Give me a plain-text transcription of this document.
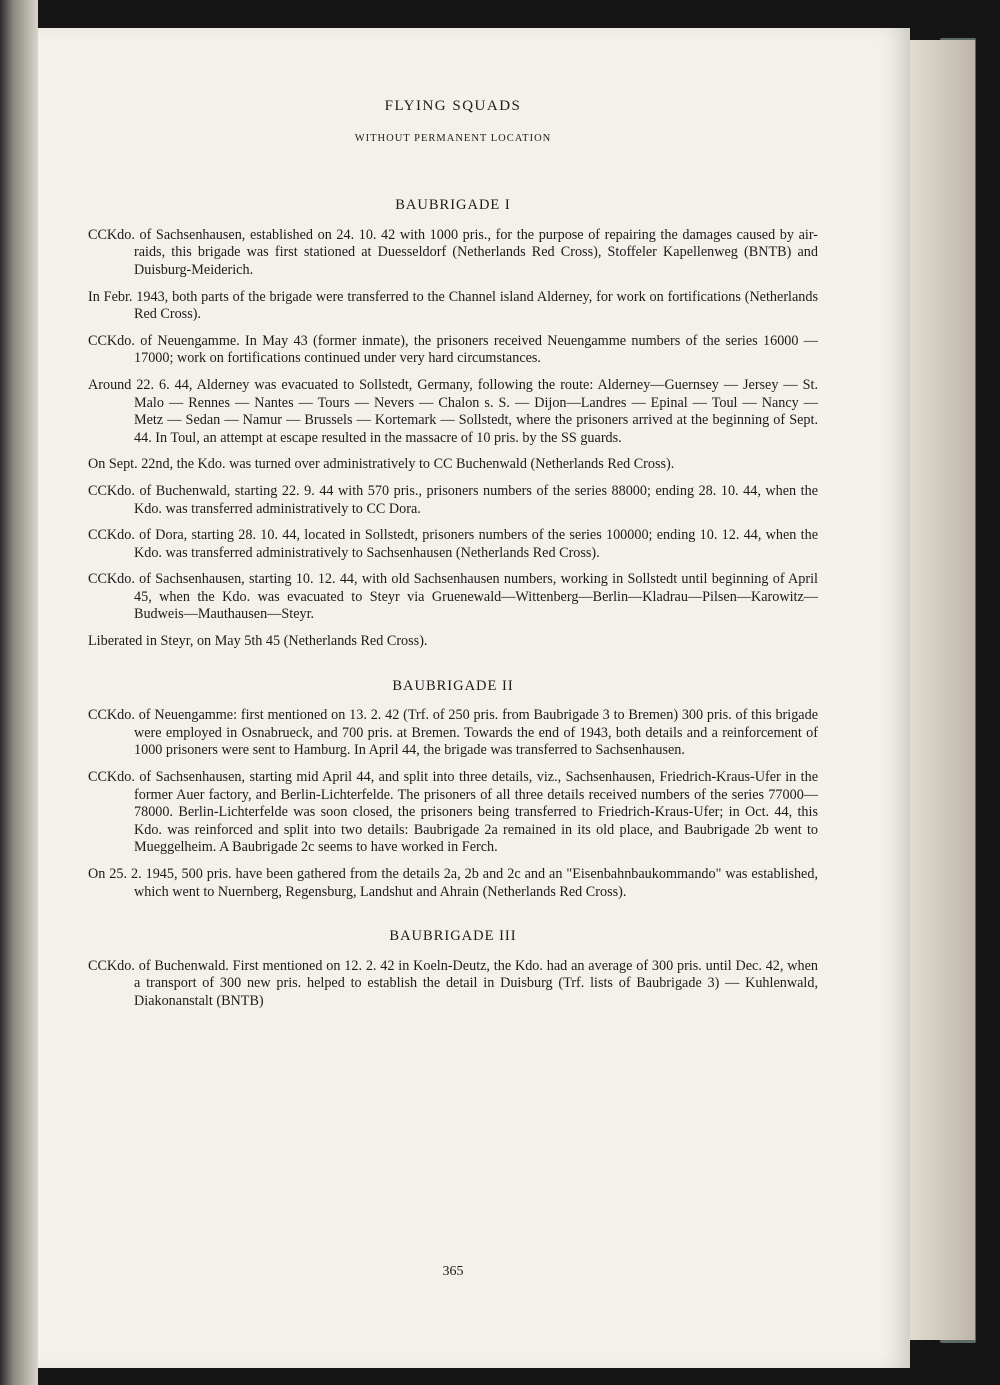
FLYING SQUADS
WITHOUT PERMANENT LOCATION
BAUBRIGADE I

CCKdo. of Sachsenhausen, established on 24. 10. 42 with 1000 pris., for the purpose of repairing the damages caused by air-raids, this brigade was first stationed at Duesseldorf (Netherlands Red Cross), Stoffeler Kapellenweg (BNTB) and Duisburg-Meiderich.

In Febr. 1943, both parts of the brigade were transferred to the Channel island Alderney, for work on fortifications (Netherlands Red Cross).

CCKdo. of Neuengamme. In May 43 (former inmate), the prisoners received Neuengamme numbers of the series 16000 — 17000; work on fortifications continued under very hard circumstances.

Around 22. 6. 44, Alderney was evacuated to Sollstedt, Germany, following the route: Alderney—Guernsey — Jersey — St. Malo — Rennes — Nantes — Tours — Nevers — Chalon s. S. — Dijon—Landres — Epinal — Toul — Nancy — Metz — Sedan — Namur — Brussels — Kortemark — Sollstedt, where the prisoners arrived at the beginning of Sept. 44. In Toul, an attempt at escape resulted in the massacre of 10 pris. by the SS guards.

On Sept. 22nd, the Kdo. was turned over administratively to CC Buchenwald (Netherlands Red Cross).

CCKdo. of Buchenwald, starting 22. 9. 44 with 570 pris., prisoners numbers of the series 88000; ending 28. 10. 44, when the Kdo. was transferred administratively to CC Dora.

CCKdo. of Dora, starting 28. 10. 44, located in Sollstedt, prisoners numbers of the series 100000; ending 10. 12. 44, when the Kdo. was transferred administratively to Sachsenhausen (Netherlands Red Cross).

CCKdo. of Sachsenhausen, starting 10. 12. 44, with old Sachsenhausen numbers, working in Sollstedt until beginning of April 45, when the Kdo. was evacuated to Steyr via Gruenewald—Wittenberg—Berlin—Kladrau—Pilsen—Karowitz—Budweis—Mauthausen—Steyr.

Liberated in Steyr, on May 5th 45 (Netherlands Red Cross).

BAUBRIGADE II

CCKdo. of Neuengamme: first mentioned on 13. 2. 42 (Trf. of 250 pris. from Baubrigade 3 to Bremen) 300 pris. of this brigade were employed in Osnabrueck, and 700 pris. at Bremen. Towards the end of 1943, both details and a reinforcement of 1000 prisoners were sent to Hamburg. In April 44, the brigade was transferred to Sachsenhausen.

CCKdo. of Sachsenhausen, starting mid April 44, and split into three details, viz., Sachsenhausen, Friedrich-Kraus-Ufer in the former Auer factory, and Berlin-Lichterfelde. The prisoners of all three details received numbers of the series 77000—78000. Berlin-Lichterfelde was soon closed, the prisoners being transferred to Friedrich-Kraus-Ufer; in Oct. 44, this Kdo. was reinforced and split into two details: Baubrigade 2a remained in its old place, and Baubrigade 2b went to Mueggelheim. A Baubrigade 2c seems to have worked in Ferch.

On 25. 2. 1945, 500 pris. have been gathered from the details 2a, 2b and 2c and an "Eisenbahnbaukommando" was established, which went to Nuernberg, Regensburg, Landshut and Ahrain (Netherlands Red Cross).

BAUBRIGADE III

CCKdo. of Buchenwald. First mentioned on 12. 2. 42 in Koeln-Deutz, the Kdo. had an average of 300 pris. until Dec. 42, when a transport of 300 new pris. helped to establish the detail in Duisburg (Trf. lists of Baubrigade 3) — Kuhlenwald, Diakonanstalt (BNTB)

365
